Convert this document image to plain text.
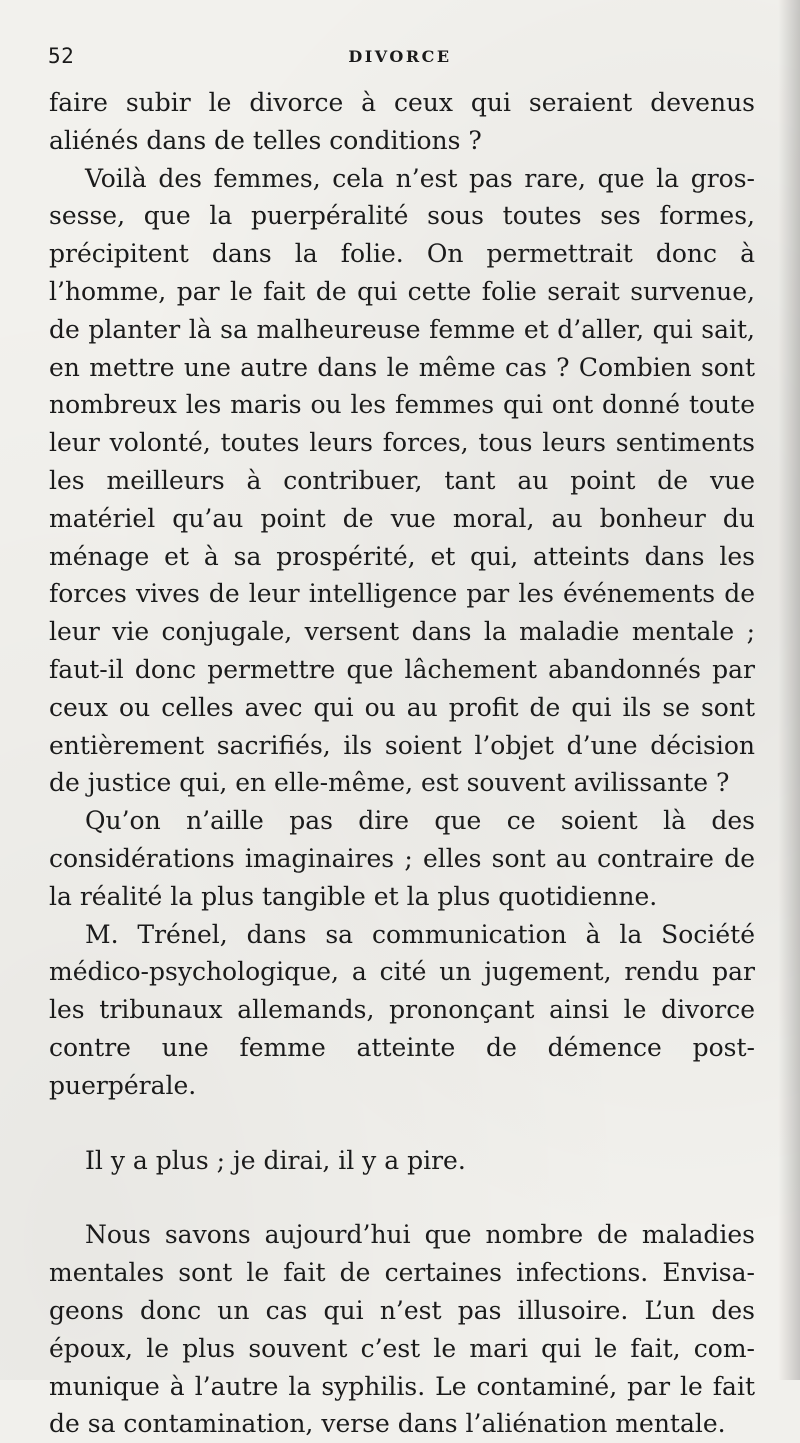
52	DIVORCE

faire subir le divorce à ceux qui seraient devenus aliénés dans de telles conditions ?

Voilà des femmes, cela n’est pas rare, que la grossesse, que la puerpéralité sous toutes ses formes, précipitent dans la folie. On permettrait donc à l’homme, par le fait de qui cette folie serait survenue, de planter là sa malheureuse femme et d’aller, qui sait, en mettre une autre dans le même cas ? Combien sont nombreux les maris ou les femmes qui ont donné toute leur volonté, toutes leurs forces, tous leurs sentiments les meilleurs à contribuer, tant au point de vue matériel qu’au point de vue moral, au bonheur du ménage et à sa prospérité, et qui, atteints dans les forces vives de leur intelligence par les événements de leur vie conjugale, versent dans la maladie mentale ; faut-il donc permettre que lâchement abandonnés par ceux ou celles avec qui ou au profit de qui ils se sont entièrement sacrifiés, ils soient l’objet d’une décision de justice qui, en elle-même, est souvent avilissante ?

Qu’on n’aille pas dire que ce soient là des considérations imaginaires ; elles sont au contraire de la réalité la plus tangible et la plus quotidienne.

M. Trénel, dans sa communication à la Société médico-psychologique, a cité un jugement, rendu par les tribunaux allemands, prononçant ainsi le divorce contre une femme atteinte de démence post-puerpérale.

Il y a plus ; je dirai, il y a pire.

Nous savons aujourd’hui que nombre de maladies mentales sont le fait de certaines infections. Envisageons donc un cas qui n’est pas illusoire. L’un des époux, le plus souvent c’est le mari qui le fait, communique à l’autre la syphilis. Le contaminé, par le fait de sa contamination, verse dans l’aliénation mentale.
